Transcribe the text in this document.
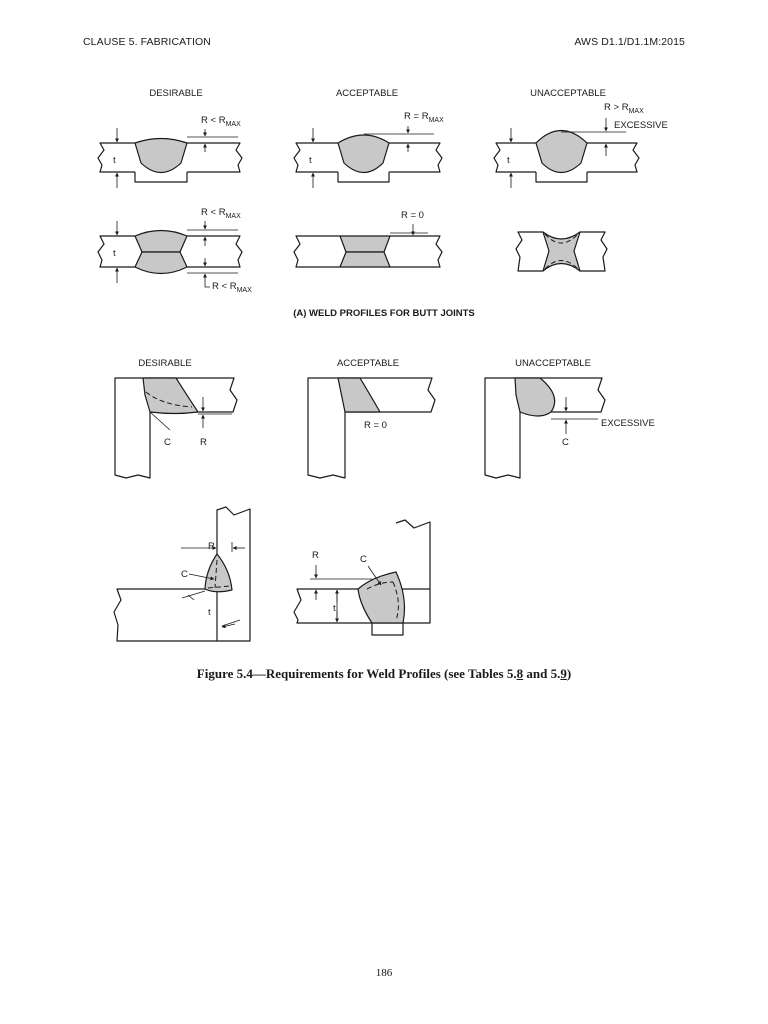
CLAUSE 5. FABRICATION	AWS D1.1/D1.1M:2015
DESIRABLE	ACCEPTABLE	UNACCEPTABLE
t
$R < R_{MAX}$
t
$R = R_{MAX}$
t
$R > R_{MAX}$
EXCESSIVE
t
$R < R_{MAX}$
$R < R_{MAX}$
R = 0
(A) WELD PROFILES FOR BUTT JOINTS
DESIRABLE	ACCEPTABLE	UNACCEPTABLE
C	R
R = 0	EXCESSIVE
C
R
C
t
R	C
t
Figure 5.4—Requirements for Weld Profiles (see Tables 5.8 and 5.9)
186
